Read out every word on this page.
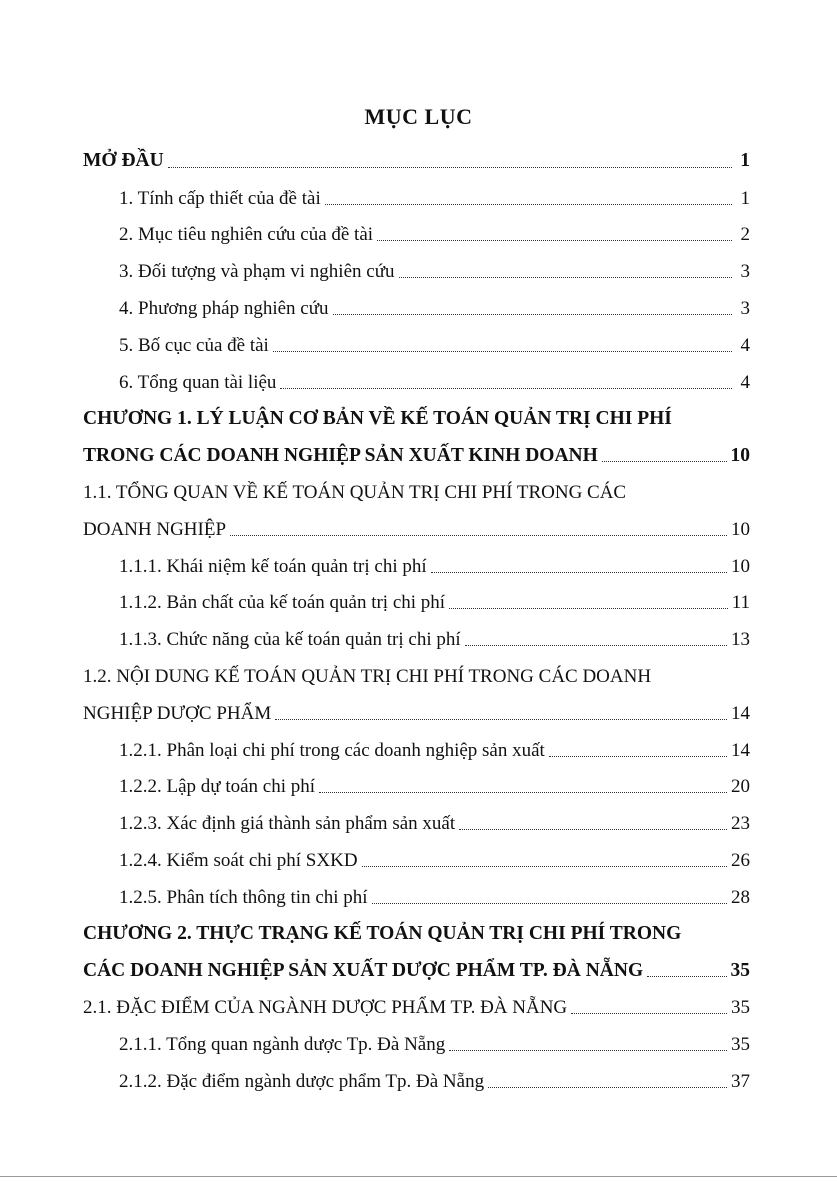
MỤC LỤC
MỞ ĐẦU	1
1. Tính cấp thiết của đề tài	1
2. Mục tiêu nghiên cứu của đề tài	2
3. Đối tượng và phạm vi nghiên cứu	3
4. Phương pháp nghiên cứu	3
5. Bố cục của đề tài	4
6. Tổng quan tài liệu	4
CHƯƠNG 1. LÝ LUẬN CƠ BẢN VỀ KẾ TOÁN QUẢN TRỊ CHI PHÍ
TRONG CÁC DOANH NGHIỆP SẢN XUẤT KINH DOANH	10
1.1. TỔNG QUAN VỀ KẾ TOÁN QUẢN TRỊ CHI PHÍ TRONG CÁC
DOANH NGHIỆP	10
1.1.1. Khái niệm kế toán quản trị chi phí	10
1.1.2. Bản chất của kế toán quản trị chi phí	11
1.1.3. Chức năng của kế toán quản trị chi phí	13
1.2. NỘI DUNG KẾ TOÁN QUẢN TRỊ CHI PHÍ TRONG CÁC DOANH
NGHIỆP DƯỢC PHẨM	14
1.2.1. Phân loại chi phí trong các doanh nghiệp sản xuất	14
1.2.2. Lập dự toán chi phí	20
1.2.3. Xác định giá thành sản phẩm sản xuất	23
1.2.4. Kiểm soát chi phí SXKD	26
1.2.5. Phân tích thông tin chi phí	28
CHƯƠNG 2. THỰC TRẠNG KẾ TOÁN QUẢN TRỊ CHI PHÍ TRONG
CÁC DOANH NGHIỆP SẢN XUẤT DƯỢC PHẨM TP. ĐÀ NẴNG	35
2.1. ĐẶC ĐIỂM CỦA NGÀNH DƯỢC PHẨM TP. ĐÀ NẴNG	35
2.1.1. Tổng quan ngành dược Tp. Đà Nẵng	35
2.1.2. Đặc điểm ngành dược phẩm Tp. Đà Nẵng	37
